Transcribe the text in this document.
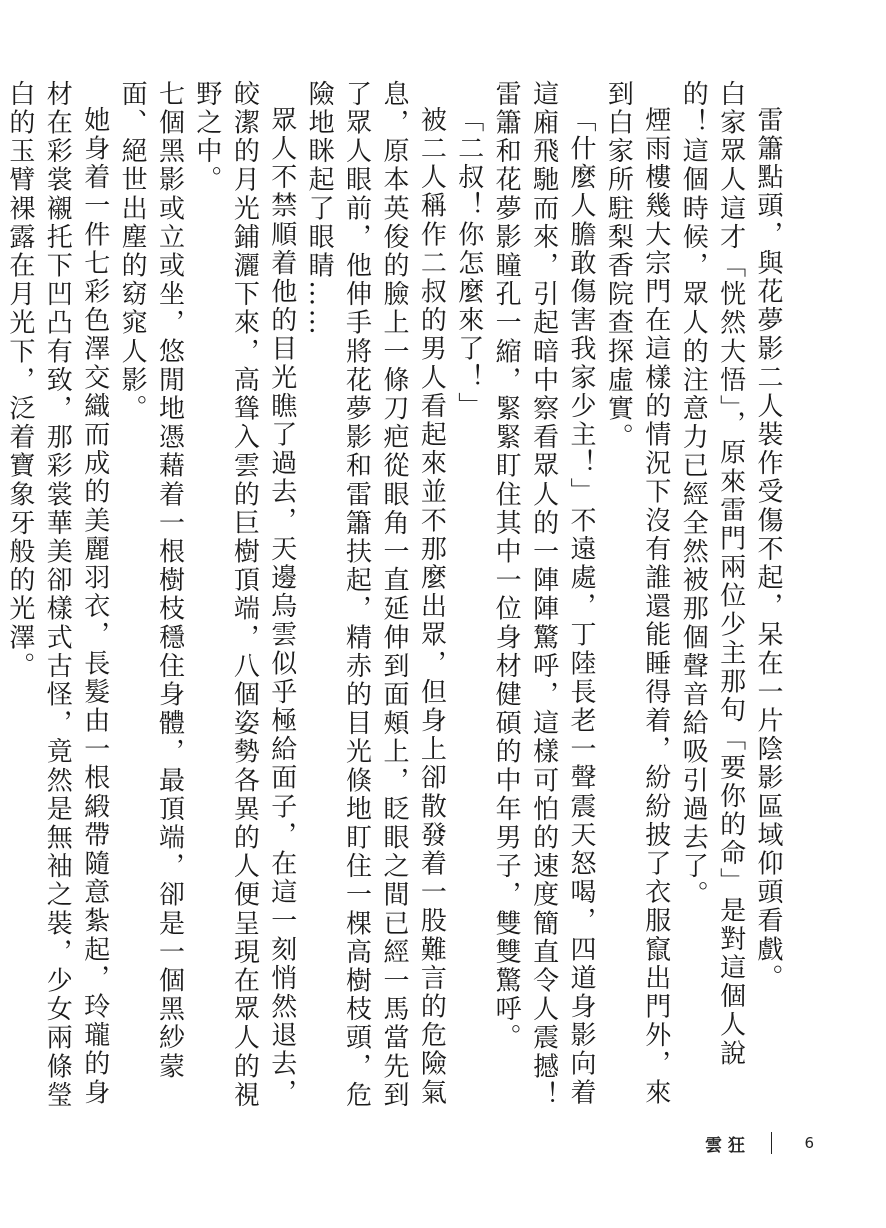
雷簫點頭，與花夢影二人裝作受傷不起，呆在一片陰影區域仰頭看戲。

白家眾人這才「恍然大悟」，原來雷門兩位少主那句「要你的命」是對這個人說的！這個時候，眾人的注意力已經全然被那個聲音給吸引過去了。

煙雨樓幾大宗門在這樣的情況下沒有誰還能睡得着，紛紛披了衣服竄出門外，來到白家所駐梨香院查探虛實。

「什麼人膽敢傷害我家少主！」不遠處，丁陸長老一聲震天怒喝，四道身影向着這廂飛馳而來，引起暗中察看眾人的一陣陣驚呼，這樣可怕的速度簡直令人震撼！雷簫和花夢影瞳孔一縮，緊緊盯住其中一位身材健碩的中年男子，雙雙驚呼。

「二叔！你怎麼來了！」

被二人稱作二叔的男人看起來並不那麼出眾，但身上卻散發着一股難言的危險氣息，原本英俊的臉上一條刀疤從眼角一直延伸到面頰上，眨眼之間已經一馬當先到了眾人眼前，他伸手將花夢影和雷簫扶起，精赤的目光倏地盯住一棵高樹枝頭，危險地眯起了眼睛……

眾人不禁順着他的目光瞧了過去，天邊烏雲似乎極給面子，在這一刻悄然退去，皎潔的月光鋪灑下來，高聳入雲的巨樹頂端，八個姿勢各異的人便呈現在眾人的視野之中。

七個黑影或立或坐，悠閒地憑藉着一根樹枝穩住身體，最頂端，卻是一個黑紗蒙面、絕世出塵的窈窕人影。

她身着一件七彩色澤交織而成的美麗羽衣，長髮由一根緞帶隨意紮起，玲瓏的身材在彩裳襯托下凹凸有致，那彩裳華美卻樣式古怪，竟然是無袖之裝，少女兩條瑩白的玉臂裸露在月光下，泛着寶象牙般的光澤。

雲狂	6
